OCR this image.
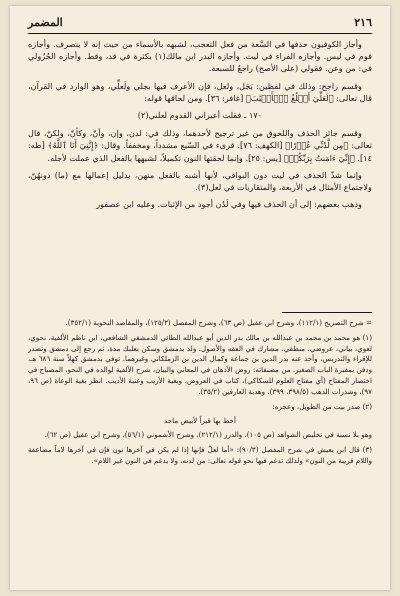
٢١٦
المضمر

وأجاز الكوفيون حذفها في السَّعة من فعل التعجب، لشبهه بالأسماء من حيث إنه لا يتصرف. وأجازه قوم في ليس. وأجازه الفراء في ليت. وأجازه البدر ابن مالك(١) بكثرة في قد، وقط. وأجازه الجُزُولي في: من وعن. فقولي (على الأصح) راجعٌ للسبعة.

وقسم راجح: وذلك في لفظين: بَجَل، ولعل، فإن الأعرف فيها بجلي ولَعلِّي، وهو الوارد في القرآن، قال تعالى: ﴿لَعَلِّيٓ أَبۡلُغُ ٱلۡأَسۡبَٰبَ﴾ [غافر: ٣٦]. ومن لحاقها قوله:

١٧٠ ـ فقلت أعيراني القدوم لعلني(٢)

وقسم جائز الحذف واللحوق من غير ترجيح لأحدهما، وذلك في: لدن، وإن، وأنّ، وكأنّ، ولكنّ، قال تعالى: ﴿مِن لَّدُنِّي عُذۡرٗا﴾ [الكهف: ٧٦]. قرىء في السّبع مشدداً، ومخففاً. وقال: ﴿إِنَّنِيٓ أَنَا ٱللَّهُ﴾ [طه: ١٤]. ﴿إِنِّيٓ ءَامَنتُ بِرَبِّكُمۡ﴾ [يس: ٢٥]. وإنما لحقتها النون تكميلاً، لشبهها بالفعل الذي عملت لأجله.

وإنما شذّ الحذف في ليت دون البواقي، لأنها أشبه بالفعل منهن، بدليل إعمالها مع (ما) دونهُنّ، ولاجتماع الأمثال في الأربعة، والمتقاربات في لعل(٣).

وذهب بعضهم: إلى أن الحذف فيها وفي لَدُن أجود من الإثبات. وعليه ابن عصفور

= شرح التصريح (١١٢/١)، وشرح ابن عقيل (ص ٦٣)، وشرح المفصل (١٢٥/٣)، والمقاصد النحوية (٣٥٢/١).

(١) هو محمد بن محمد بن عبدالله بن مالك بدر الدين أبو عبدالله الطائي الدمشقي الشافعي، ابن ناظم الألفية، نحوي، لغوي، بياني، عروضي، منطقي، مشارك في الفقه والأصول. ولد بدمشق وسكن بعلبك مدة، ثم رجع إلى دمشق وتصدر للإقراء والتدريس، وأخذ عنه بدر الدين بن جماعة وكمال الدين بن الزملكاني وغيرهما. توفي بدمشق كهلاً سنة ٦٨٦ هـ، ودفن بمقبرة الباب الصغير. من مصنفاته: روض الأذهان في المعاني والبيان، شرح الألفية لوالده في النحو، المصباح في اختصار المفتاح (أي مفتاح العلوم للسكاكي)، كتاب في العروض، وبغية الأريب وغنية الأديب. انظر بغية الوعاة (ص ٩٦، ٩٧)، وشذرات الذهب (٣٩٨/٥، ٣٩٩)، وهدية العارفين (٣٥/٢).

(٢) صدر بيت من الطويل، وعجزه:

أخط بها قبراً لأبيض ماجد

وهو بلا نسبة في تخليص الشواهد (ص ١٠٥)، والدرر (٢١٢/١)، وشرح الأشموني (٥٦/١)، وشرح ابن عقيل (ص ٦٢).

(٣) قال ابن يعيش في شرح المفصل (٩٠/٣): «أما لعلّ فإنها إذا لم يكن في آخرها نون فإن في آخرها لاماً مضاعفة واللام قريبة من النون» ولذلك تدغم فيها نحو قوله تعالى: من لدنه، ولا يدغم في النون غير اللام».
